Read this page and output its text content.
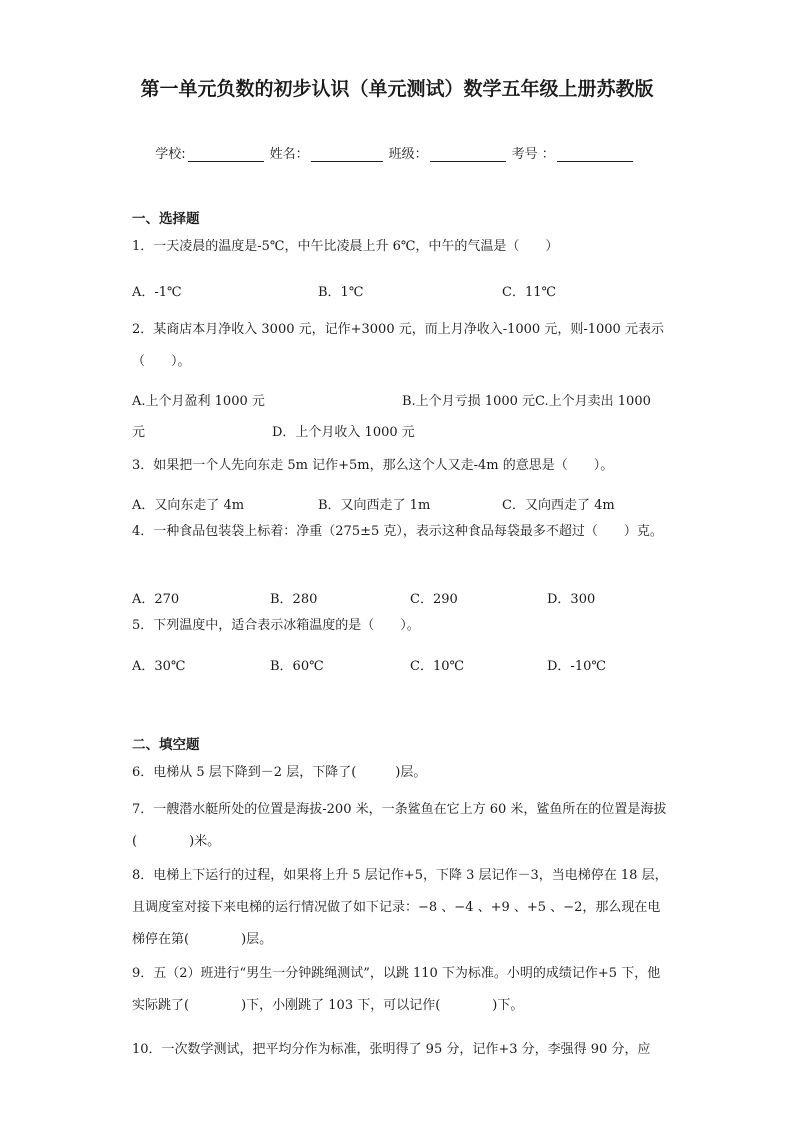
第一单元负数的初步认识（单元测试）数学五年级上册苏教版
学校:	姓名：	班级：	考号 ：
一、选择题

1．一天凌晨的温度是-5℃，中午比凌晨上升 6℃，中午的气温是（　　）

A．-1℃	B．1℃	C．11℃

2．某商店本月净收入 3000 元，记作+3000 元，而上月净收入-1000 元，则-1000 元表示（　　）。

A.上个月盈利 1000 元	B.上个月亏损 1000 元C.上个月卖出 1000
元	D．上个月收入 1000 元

3．如果把一个人先向东走 5m 记作+5m，那么这个人又走-4m 的意思是（　　）。

A．又向东走了 4m	B．又向西走了 1m	C．又向西走了 4m

4．一种食品包装袋上标着：净重（275±5 克），表示这种食品每袋最多不超过（　　）克。

A．270	B．280	C．290	D．300

5．下列温度中，适合表示冰箱温度的是（　　）。

A．30℃	B．60℃	C．10℃	D．-10℃
二、填空题

6．电梯从 5 层下降到－2 层，下降了(　　　)层。

7．一艘潜水艇所处的位置是海拔-200 米，一条鲨鱼在它上方 60 米，鲨鱼所在的位置是海拔(　　　　)米。

8．电梯上下运行的过程，如果将上升 5 层记作+5，下降 3 层记作－3，当电梯停在 18 层，且调度室对接下来电梯的运行情况做了如下记录：−8 、−4 、+9 、+5 、−2，那么现在电梯停在第(　　　　)层。

9．五（2）班进行“男生一分钟跳绳测试”，以跳 110 下为标准。小明的成绩记作+5 下，他实际跳了(　　　　)下，小刚跳了 103 下，可以记作(　　　　)下。

10．一次数学测试，把平均分作为标准，张明得了 95 分，记作+3 分，李强得 90 分，应
